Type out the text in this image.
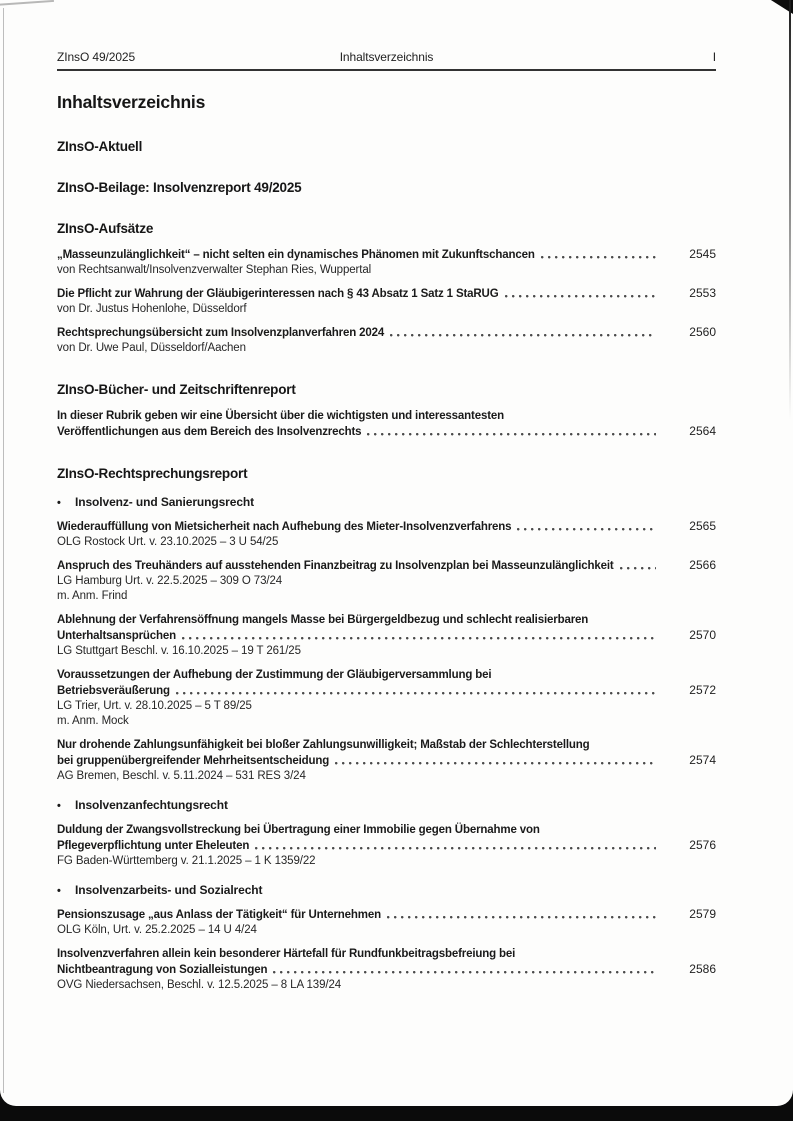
ZInsO 49/2025	Inhaltsverzeichnis	I
Inhaltsverzeichnis
ZInsO-Aktuell
ZInsO-Beilage: Insolvenzreport 49/2025
ZInsO-Aufsätze
„Masseunzulänglichkeit“ – nicht selten ein dynamisches Phänomen mit Zukunftschancen	2545
von Rechtsanwalt/Insolvenzverwalter Stephan Ries, Wuppertal
Die Pflicht zur Wahrung der Gläubigerinteressen nach § 43 Absatz 1 Satz 1 StaRUG	2553
von Dr. Justus Hohenlohe, Düsseldorf
Rechtsprechungsübersicht zum Insolvenzplanverfahren 2024	2560
von Dr. Uwe Paul, Düsseldorf/Aachen
ZInsO-Bücher- und Zeitschriftenreport
In dieser Rubrik geben wir eine Übersicht über die wichtigsten und interessantesten
Veröffentlichungen aus dem Bereich des Insolvenzrechts	2564
ZInsO-Rechtsprechungsreport
•	Insolvenz- und Sanierungsrecht
Wiederauffüllung von Mietsicherheit nach Aufhebung des Mieter-Insolvenzverfahrens	2565
OLG Rostock Urt. v. 23.10.2025 – 3 U 54/25
Anspruch des Treuhänders auf ausstehenden Finanzbeitrag zu Insolvenzplan bei Masseunzulänglichkeit	2566
LG Hamburg Urt. v. 22.5.2025 – 309 O 73/24
m. Anm. Frind
Ablehnung der Verfahrensöffnung mangels Masse bei Bürgergeldbezug und schlecht realisierbaren
Unterhaltsansprüchen	2570
LG Stuttgart Beschl. v. 16.10.2025 – 19 T 261/25
Voraussetzungen der Aufhebung der Zustimmung der Gläubigerversammlung bei
Betriebsveräußerung	2572
LG Trier, Urt. v. 28.10.2025 – 5 T 89/25
m. Anm. Mock
Nur drohende Zahlungsunfähigkeit bei bloßer Zahlungsunwilligkeit; Maßstab der Schlechterstellung
bei gruppenübergreifender Mehrheitsentscheidung	2574
AG Bremen, Beschl. v. 5.11.2024 – 531 RES 3/24
•	Insolvenzanfechtungsrecht
Duldung der Zwangsvollstreckung bei Übertragung einer Immobilie gegen Übernahme von
Pflegeverpflichtung unter Eheleuten	2576
FG Baden-Württemberg v. 21.1.2025 – 1 K 1359/22
•	Insolvenzarbeits- und Sozialrecht
Pensionszusage „aus Anlass der Tätigkeit“ für Unternehmen	2579
OLG Köln, Urt. v. 25.2.2025 – 14 U 4/24
Insolvenzverfahren allein kein besonderer Härtefall für Rundfunkbeitragsbefreiung bei
Nichtbeantragung von Sozialleistungen	2586
OVG Niedersachsen, Beschl. v. 12.5.2025 – 8 LA 139/24
